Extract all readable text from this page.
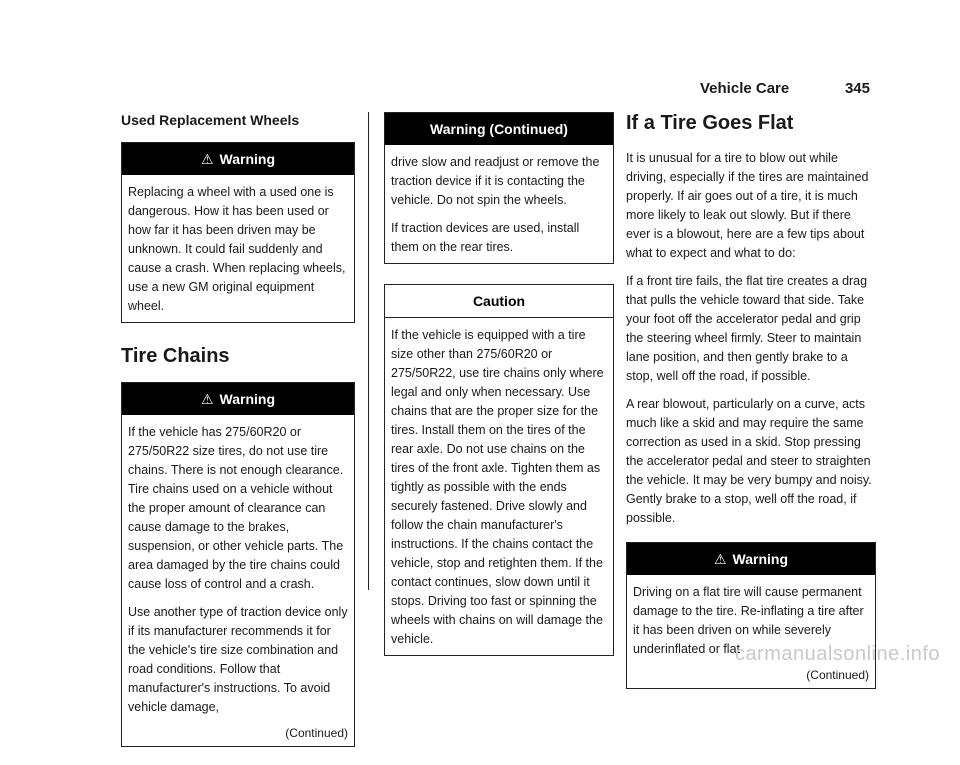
Vehicle Care	345
Used Replacement Wheels
⚠ Warning

Replacing a wheel with a used one is dangerous. How it has been used or how far it has been driven may be unknown. It could fail suddenly and cause a crash. When replacing wheels, use a new GM original equipment wheel.

Tire Chains
⚠ Warning

If the vehicle has 275/60R20 or 275/50R22 size tires, do not use tire chains. There is not enough clearance. Tire chains used on a vehicle without the proper amount of clearance can cause damage to the brakes, suspension, or other vehicle parts. The area damaged by the tire chains could cause loss of control and a crash.

Use another type of traction device only if its manufacturer recommends it for the vehicle's tire size combination and road conditions. Follow that manufacturer's instructions. To avoid vehicle damage,

(Continued)
Warning (Continued)

drive slow and readjust or remove the traction device if it is contacting the vehicle. Do not spin the wheels.

If traction devices are used, install them on the rear tires.

Caution

If the vehicle is equipped with a tire size other than 275/60R20 or 275/50R22, use tire chains only where legal and only when necessary. Use chains that are the proper size for the tires. Install them on the tires of the rear axle. Do not use chains on the tires of the front axle. Tighten them as tightly as possible with the ends securely fastened. Drive slowly and follow the chain manufacturer's instructions. If the chains contact the vehicle, stop and retighten them. If the contact continues, slow down until it stops. Driving too fast or spinning the wheels with chains on will damage the vehicle.

If a Tire Goes Flat

It is unusual for a tire to blow out while driving, especially if the tires are maintained properly. If air goes out of a tire, it is much more likely to leak out slowly. But if there ever is a blowout, here are a few tips about what to expect and what to do:

If a front tire fails, the flat tire creates a drag that pulls the vehicle toward that side. Take your foot off the accelerator pedal and grip the steering wheel firmly. Steer to maintain lane position, and then gently brake to a stop, well off the road, if possible.

A rear blowout, particularly on a curve, acts much like a skid and may require the same correction as used in a skid. Stop pressing the accelerator pedal and steer to straighten the vehicle. It may be very bumpy and noisy. Gently brake to a stop, well off the road, if possible.

⚠ Warning

Driving on a flat tire will cause permanent damage to the tire. Re-inflating a tire after it has been driven on while severely underinflated or flat

(Continued)
carmanualsonline.info
